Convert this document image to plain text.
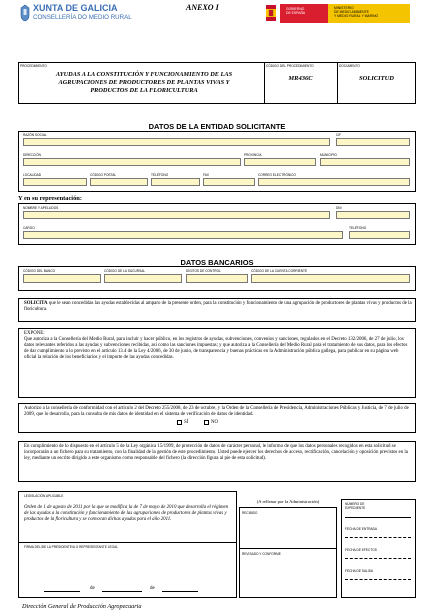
XUNTA DE GALICIA
CONSELLERÍA DO MEDIO RURAL
ANEXO I	GOBIERNO
DE ESPAÑA
MINISTERIO
DE MEDIO AMBIENTE
Y MEDIO RURAL Y MARINO
PROCEDIMIENTO
AYUDAS A LA CONSTITUCIÓN Y FUNCIONAMIENTO DE LAS AGRUPACIONES DE PRODUCTORES DE PLANTAS VIVAS Y PRODUCTOS DE LA FLORICULTURA
CÓDIGO DEL PROCEDIMIENTO
MR436C
DOCUMENTO
SOLICITUD
DATOS DE LA ENTIDAD SOLICITANTE
RAZÓN SOCIAL	CIF
DIRECCIÓN	PROVINCIA	MUNICIPIO
LOCALIDAD	CÓDIGO POSTAL	TELÉFONO	FAX	CORREO ELECTRÓNICO
Y en su representación:
NOMBRE Y APELLIDOS	DNI
CARGO	TELÉFONO
DATOS BANCARIOS
CÓDIGO DEL BANCO	CÓDIGO DE LA SUCURSAL	DÍGITOS DE CONTROL	CÓDIGO DE LA CUENTA CORRIENTE
SOLICITA que le sean concedidas las ayudas establecidas al amparo de la presente orden, para la constitución y funcionamiento de una agrupación de productores de plantas vivas y productos de la floricultura.
EXPONE:
Que autoriza a la Consellería del Medio Rural, para incluir y hacer público, en los registros de ayudas, subvenciones, convenios y sanciones, regulados en el Decreto 132/2006, de 27 de julio, los datos relevantes referidos a las ayudas y subvenciones recibidas, así como las sanciones impuestas; y que autoriza a la Consellería del Medio Rural para el tratamiento de sus datos, para los efectos de dar cumplimiento a lo previsto en el artículo 13.4 de la Ley 4/2006, de 30 de junio, de transparencia y buenas prácticas en la Administración pública gallega, para publicar en su página web oficial la relación de los beneficiarios y el importe de las ayudas concedidas.
Autorizo a la consellería de conformidad con el artículo 2 del Decreto 255/2008, de 23 de octubre, y la Orden de la Consellería de Presidencia, Administraciones Públicas y Justicia, de 7 de julio de 2009, que lo desarrolla, para la consulta de mis datos de identidad en el sistema de verificación de datos de identidad.
SÍ	NO
En cumplimiento de lo dispuesto en el artículo 5 de la Ley orgánica 15/1999, de protección de datos de carácter personal, le informo de que los datos personales recogidos en esta solicitud se incorporarán a un fichero para su tratamiento, con la finalidad de la gestión de este procedimiento. Usted puede ejercer los derechos de acceso, rectificación, cancelación y oposición previstos en la ley, mediante un escrito dirigido a este organismo como responsable del fichero (la dirección figura al pie de esta solicitud).
LEGISLACIÓN APLICABLE
Orden de 1 de agosto de 2011 por la que se modifica la de 7 de mayo de 2010 que desarrolla el régimen de las ayudas a la constitución y funcionamiento de las agrupaciones de productores de plantas vivas y productos de la floricultura y se convocan dichas ayudas para el año 2011.
FIRMA DEL/DE LA PRESIDENTE/A O REPRESENTANTE LEGAL
de	de
(A rellenar por la Administración)
RECIBIDO
REVISADO Y CONFORME
NÚMERO DE EXPEDIENTE
FECHA DE ENTRADA
FECHA DE EFECTOS
FECHA DE SALIDA
Dirección General de Producción Agropecuaria
